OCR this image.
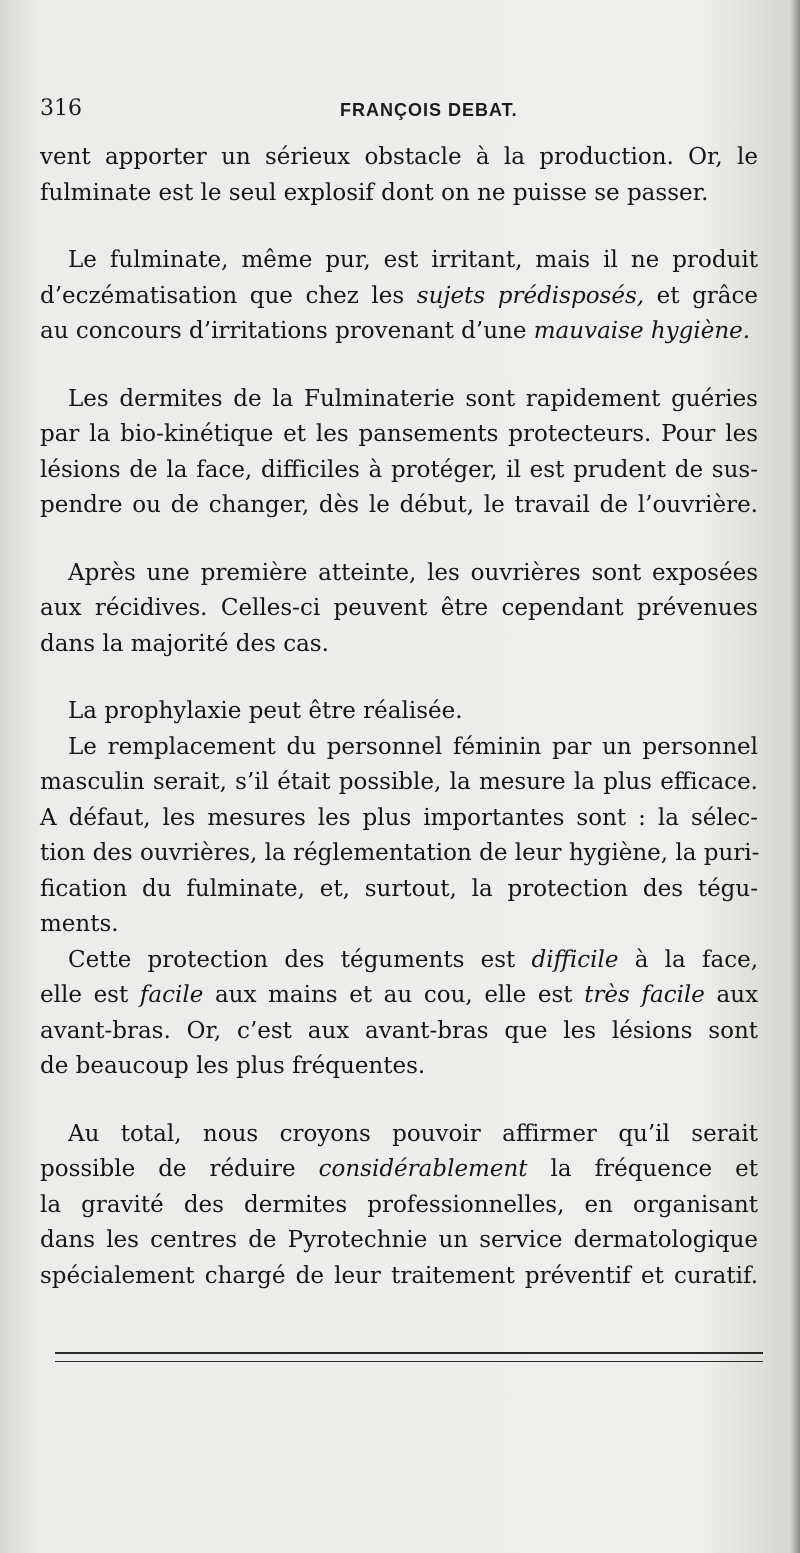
316	FRANÇOIS DEBAT.
vent apporter un sérieux obstacle à la production. Or, le
fulminate est le seul explosif dont on ne puisse se passer.
Le fulminate, même pur, est irritant, mais il ne produit
d’eczématisation que chez les sujets prédisposés, et grâce
au concours d’irritations provenant d’une mauvaise hygiène.
Les dermites de la Fulminaterie sont rapidement guéries
par la bio-kinétique et les pansements protecteurs. Pour les
lésions de la face, difficiles à protéger, il est prudent de sus-
pendre ou de changer, dès le début, le travail de l’ouvrière.
Après une première atteinte, les ouvrières sont exposées
aux récidives. Celles-ci peuvent être cependant prévenues
dans la majorité des cas.
La prophylaxie peut être réalisée.
Le remplacement du personnel féminin par un personnel
masculin serait, s’il était possible, la mesure la plus efficace.
A défaut, les mesures les plus importantes sont : la sélec-
tion des ouvrières, la réglementation de leur hygiène, la puri-
fication du fulminate, et, surtout, la protection des tégu-
ments.
Cette protection des téguments est difficile à la face,
elle est facile aux mains et au cou, elle est très facile aux
avant-bras. Or, c’est aux avant-bras que les lésions sont
de beaucoup les plus fréquentes.
Au total, nous croyons pouvoir affirmer qu’il serait
possible de réduire considérablement la fréquence et
la gravité des dermites professionnelles, en organisant
dans les centres de Pyrotechnie un service dermatologique
spécialement chargé de leur traitement préventif et curatif.
